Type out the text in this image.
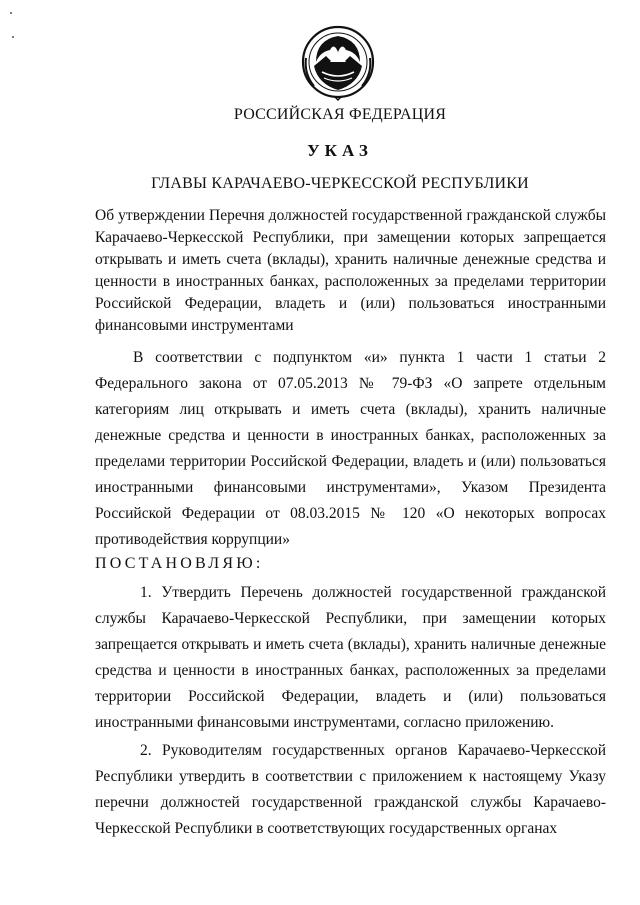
РОССИЙСКАЯ ФЕДЕРАЦИЯ
УКАЗ
ГЛАВЫ КАРАЧАЕВО-ЧЕРКЕССКОЙ РЕСПУБЛИКИ
Об утверждении Перечня должностей государственной гражданской службы Карачаево-Черкесской Республики, при замещении которых запрещается открывать и иметь счета (вклады), хранить наличные денежные средства и ценности в иностранных банках, расположенных за пределами территории Российской Федерации, владеть и (или) пользоваться иностранными финансовыми инструментами
В соответствии с подпунктом «и» пункта 1 части 1 статьи 2 Федерального закона от 07.05.2013 № 79-ФЗ «О запрете отдельным категориям лиц открывать и иметь счета (вклады), хранить наличные денежные средства и ценности в иностранных банках, расположенных за пределами территории Российской Федерации, владеть и (или) пользоваться иностранными финансовыми инструментами», Указом Президента Российской Федерации от 08.03.2015 № 120 «О некоторых вопросах противодействия коррупции»
ПОСТАНОВЛЯЮ:
1. Утвердить Перечень должностей государственной гражданской службы Карачаево-Черкесской Республики, при замещении которых запрещается открывать и иметь счета (вклады), хранить наличные денежные средства и ценности в иностранных банках, расположенных за пределами территории Российской Федерации, владеть и (или) пользоваться иностранными финансовыми инструментами, согласно приложению.
2. Руководителям государственных органов Карачаево-Черкесской Республики утвердить в соответствии с приложением к настоящему Указу перечни должностей государственной гражданской службы Карачаево-Черкесской Республики в соответствующих государственных органах
